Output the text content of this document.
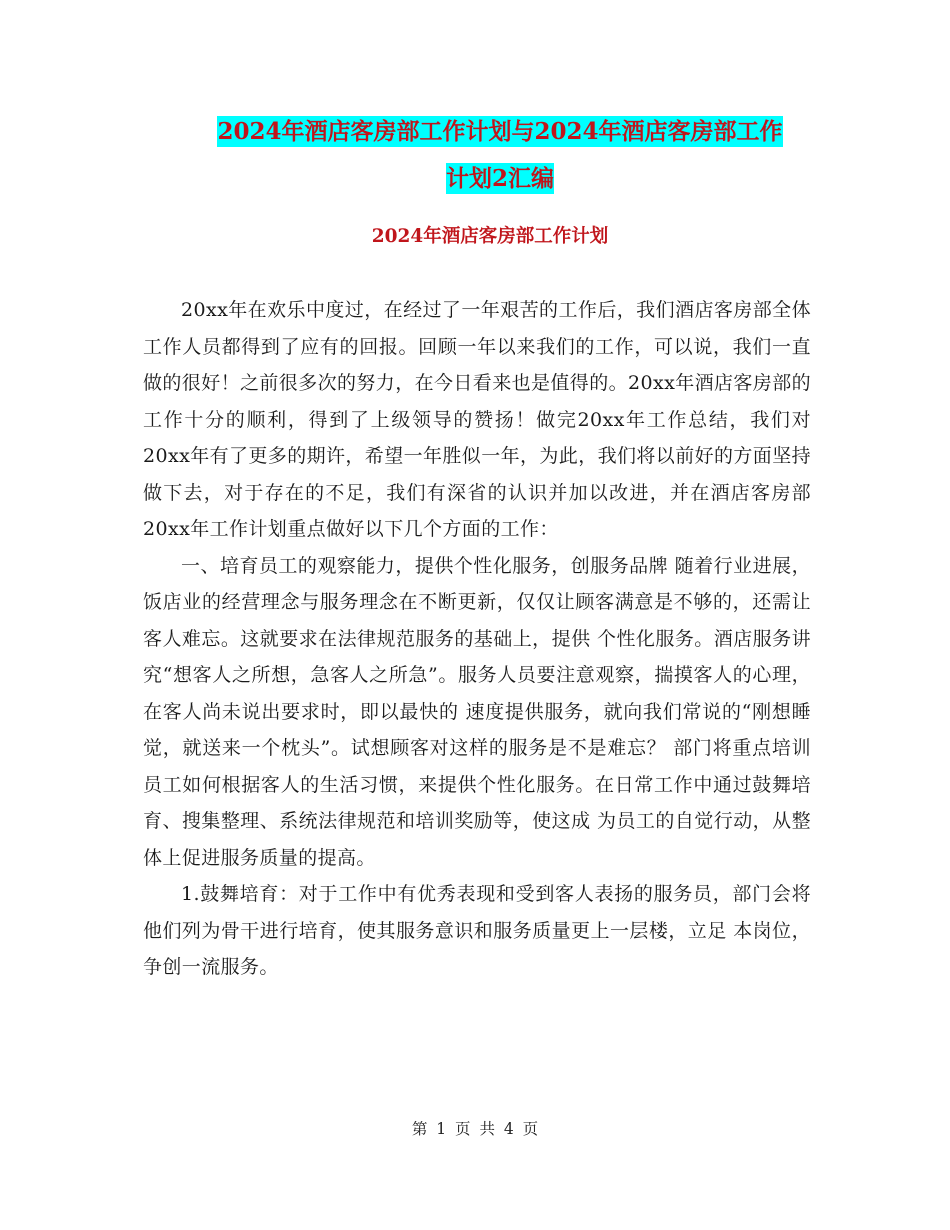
2024年酒店客房部工作计划与2024年酒店客房部工作
计划2汇编
2024年酒店客房部工作计划

20xx年在欢乐中度过，在经过了一年艰苦的工作后，我们酒店客房部全体工作人员都得到了应有的回报。回顾一年以来我们的工作，可以说，我们一直做的很好！之前很多次的努力，在今日看来也是值得的。20xx年酒店客房部的工作十分的顺利，得到了上级领导的赞扬！做完20xx年工作总结，我们对20xx年有了更多的期许，希望一年胜似一年，为此，我们将以前好的方面坚持做下去，对于存在的不足，我们有深省的认识并加以改进，并在酒店客房部20xx年工作计划重点做好以下几个方面的工作：

一、培育员工的观察能力，提供个性化服务，创服务品牌 随着行业进展，饭店业的经营理念与服务理念在不断更新，仅仅让顾客满意是不够的，还需让客人难忘。这就要求在法律规范服务的基础上，提供 个性化服务。酒店服务讲究“想客人之所想，急客人之所急”。服务人员要注意观察，揣摸客人的心理，在客人尚未说出要求时，即以最快的 速度提供服务，就向我们常说的“刚想睡觉，就送来一个枕头”。试想顾客对这样的服务是不是难忘？ 部门将重点培训员工如何根据客人的生活习惯，来提供个性化服务。在日常工作中通过鼓舞培育、搜集整理、系统法律规范和培训奖励等，使这成 为员工的自觉行动，从整体上促进服务质量的提高。

1.鼓舞培育：对于工作中有优秀表现和受到客人表扬的服务员，部门会将他们列为骨干进行培育，使其服务意识和服务质量更上一层楼，立足 本岗位，争创一流服务。

第 1 页 共 4 页
